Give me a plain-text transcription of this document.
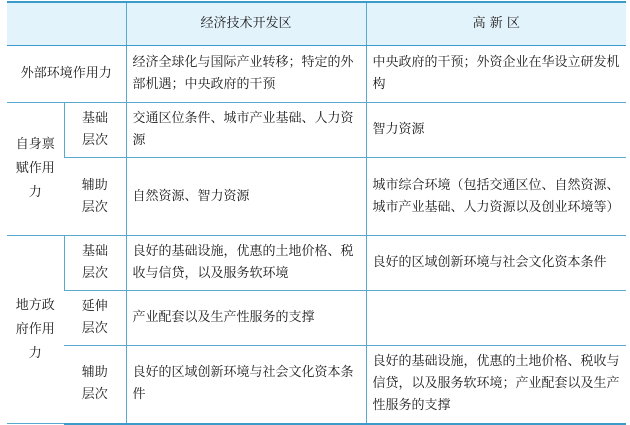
		经济技术开发区	高 新 区
外部环境作用力		经济全球化与国际产业转移；特定的外部机遇；中央政府的干预	中央政府的干预；外资企业在华设立研发机构
自身禀赋作用力	基础层次	交通区位条件、城市产业基础、人力资源	智力资源
	辅助层次	自然资源、智力资源	城市综合环境（包括交通区位、自然资源、城市产业基础、人力资源以及创业环境等）
地方政府作用力	基础层次	良好的基础设施，优惠的土地价格、税收与信贷，以及服务软环境	良好的区域创新环境与社会文化资本条件
	延伸层次	产业配套以及生产性服务的支撑	
	辅助层次	良好的区域创新环境与社会文化资本条件	良好的基础设施，优惠的土地价格、税收与信贷，以及服务软环境；产业配套以及生产性服务的支撑
